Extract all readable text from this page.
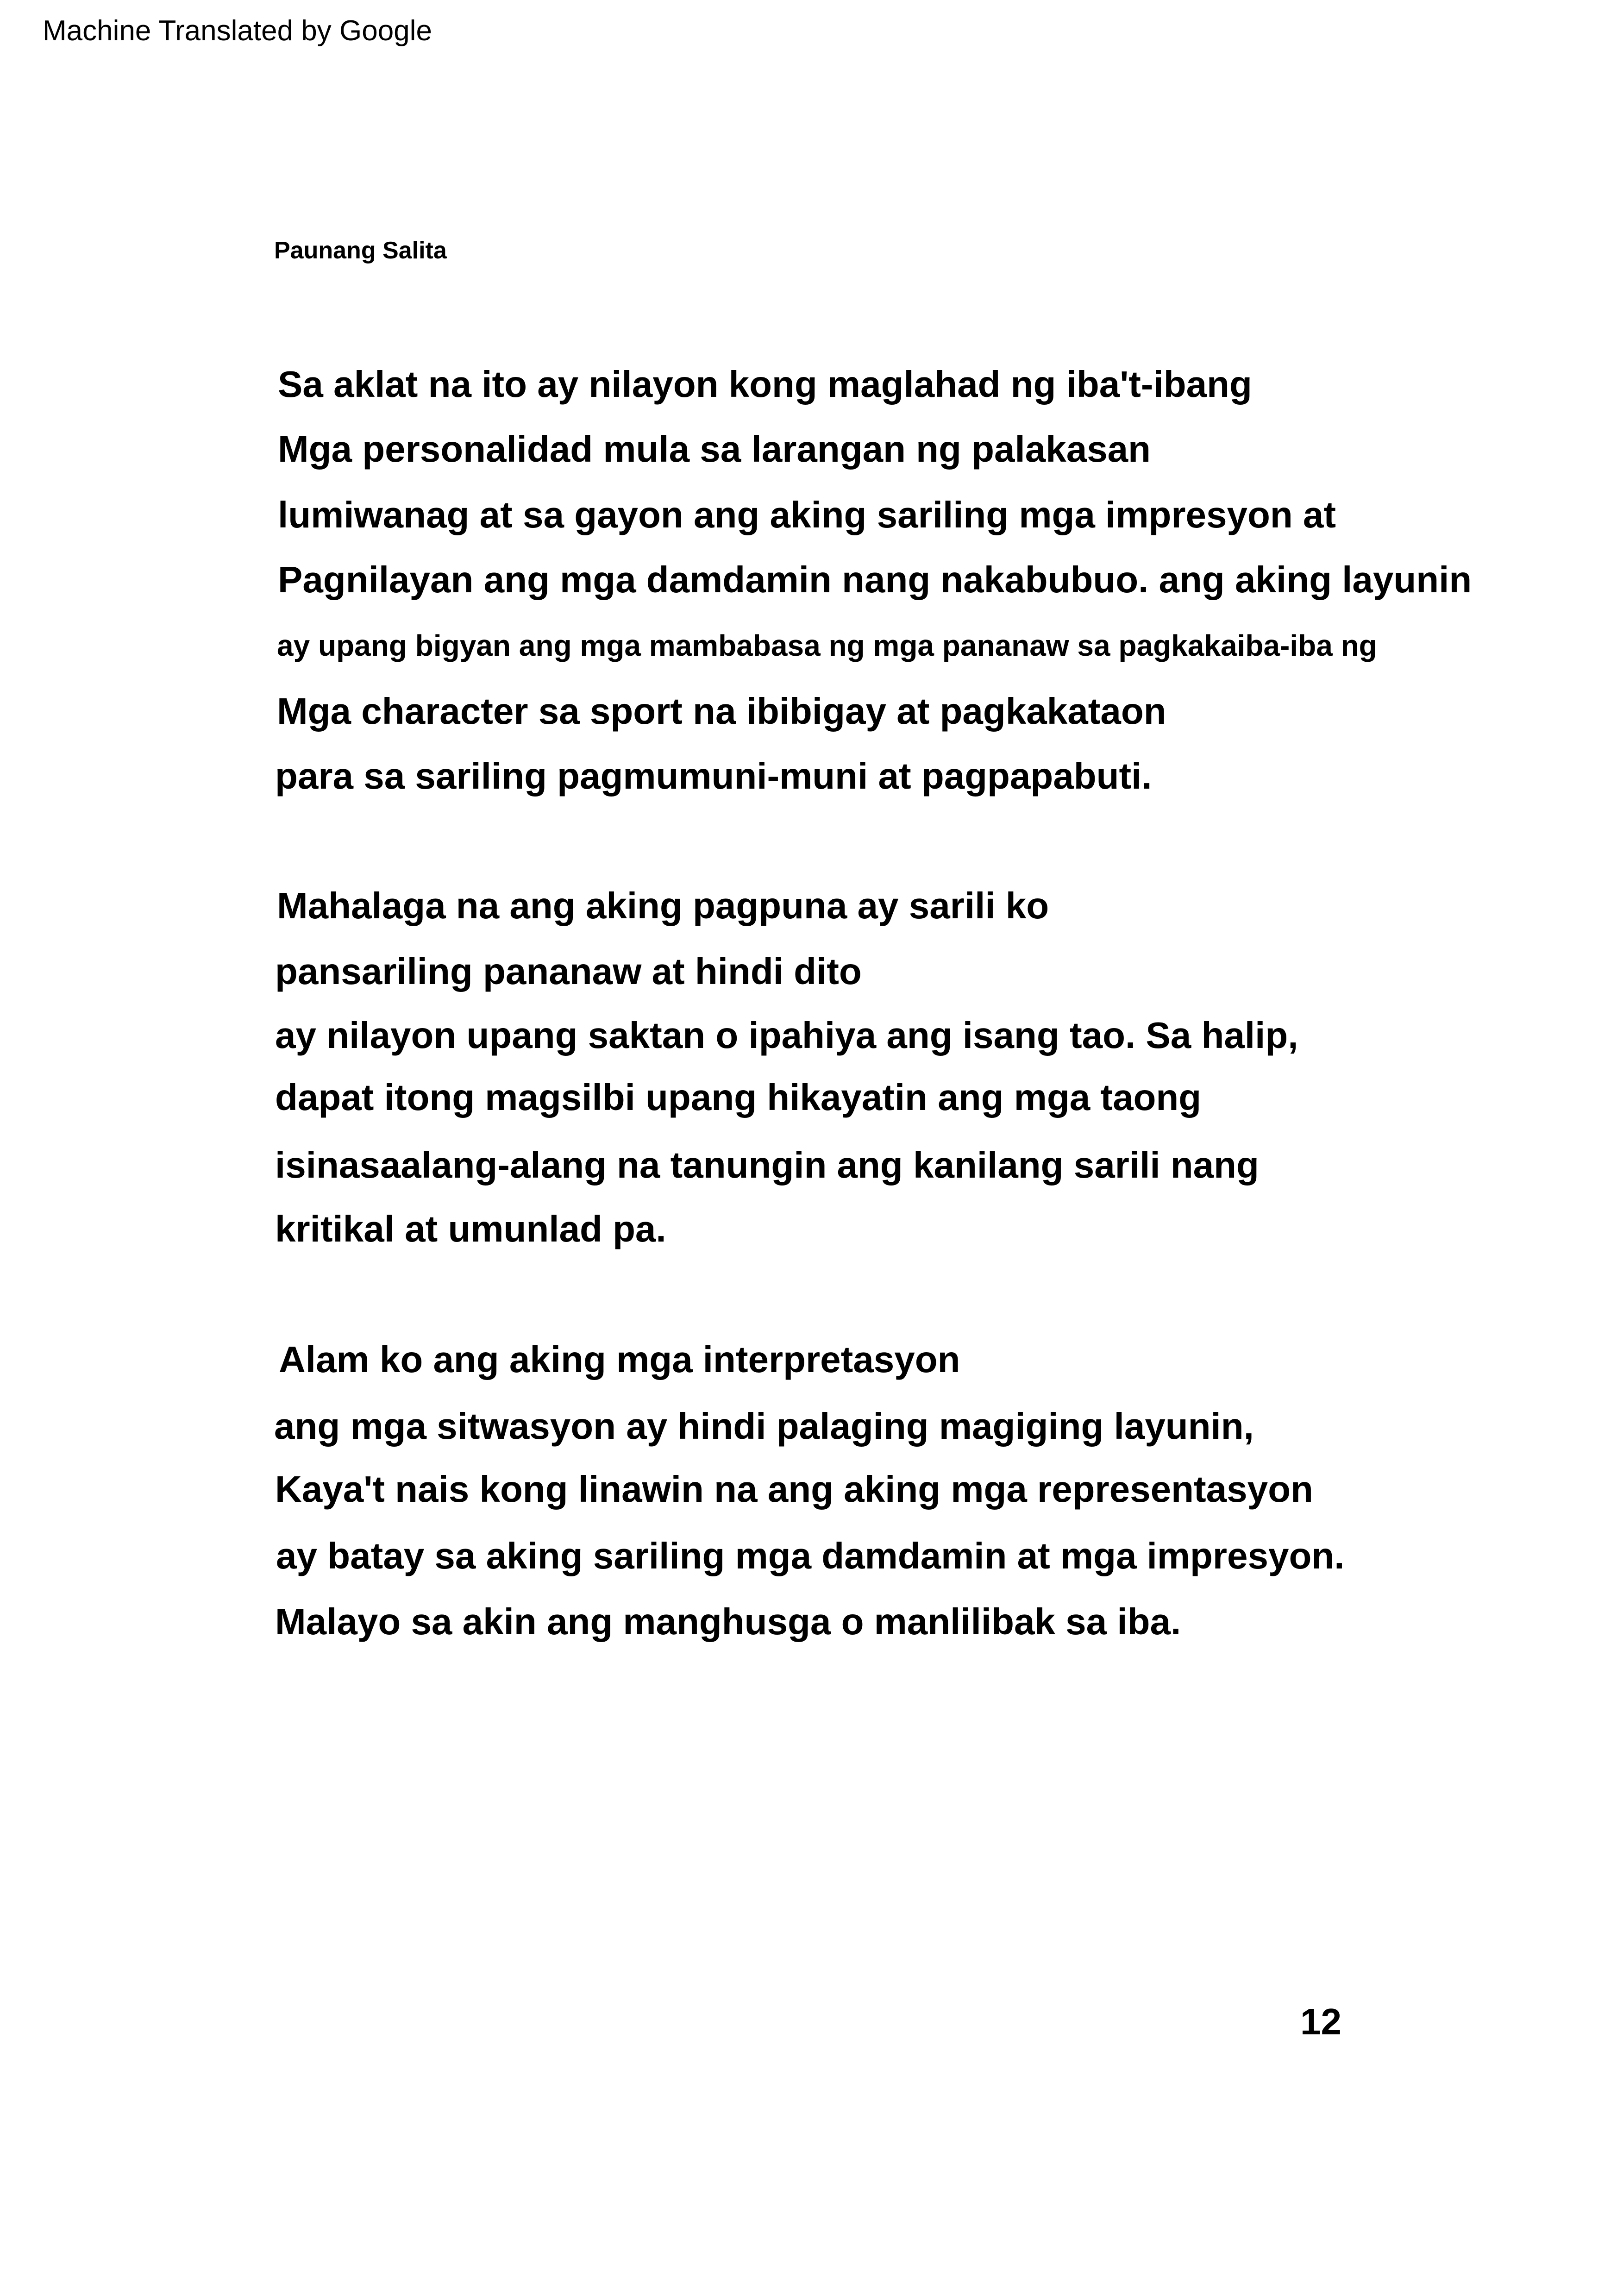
Machine Translated by Google
Paunang Salita
Sa aklat na ito ay nilayon kong maglahad ng iba't-ibang
Mga personalidad mula sa larangan ng palakasan
lumiwanag at sa gayon ang aking sariling mga impresyon at
Pagnilayan ang mga damdamin nang nakabubuo. ang aking layunin
ay upang bigyan ang mga mambabasa ng mga pananaw sa pagkakaiba-iba ng
Mga character sa sport na ibibigay at pagkakataon
para sa sariling pagmumuni-muni at pagpapabuti.
Mahalaga na ang aking pagpuna ay sarili ko
pansariling pananaw at hindi dito
ay nilayon upang saktan o ipahiya ang isang tao. Sa halip,
dapat itong magsilbi upang hikayatin ang mga taong
isinasaalang-alang na tanungin ang kanilang sarili nang
kritikal at umunlad pa.
Alam ko ang aking mga interpretasyon
ang mga sitwasyon ay hindi palaging magiging layunin,
Kaya't nais kong linawin na ang aking mga representasyon
ay batay sa aking sariling mga damdamin at mga impresyon.
Malayo sa akin ang manghusga o manlilibak sa iba.
12
